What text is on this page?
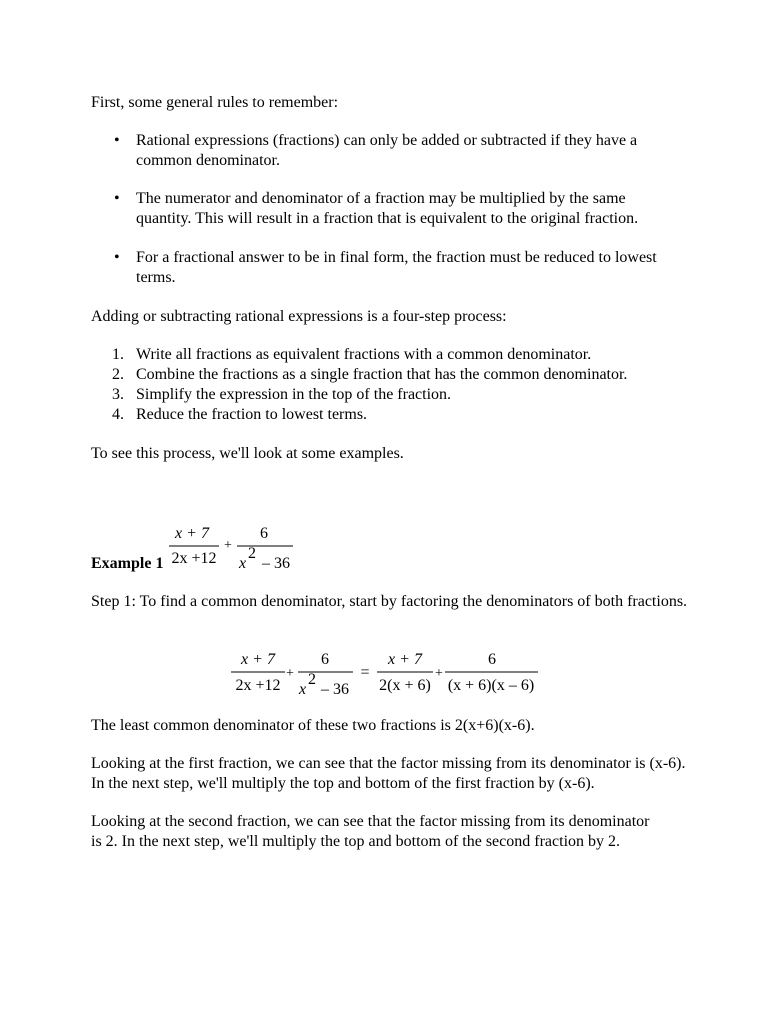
First, some general rules to remember:

• Rational expressions (fractions) can only be added or subtracted if they have a common denominator.
• The numerator and denominator of a fraction may be multiplied by the same quantity. This will result in a fraction that is equivalent to the original fraction.
• For a fractional answer to be in final form, the fraction must be reduced to lowest terms.

Adding or subtracting rational expressions is a four-step process:

1. Write all fractions as equivalent fractions with a common denominator.
2. Combine the fractions as a single fraction that has the common denominator.
3. Simplify the expression in the top of the fraction.
4. Reduce the fraction to lowest terms.

To see this process, we'll look at some examples.

Example 1
x + 7
2x +12
+
6
x
2
– 36

Step 1: To find a common denominator, start by factoring the denominators of both fractions.

x + 7
2x +12
+
6
x
2
– 36
=
x + 7
2(x + 6)
+
6
(x + 6)(x – 6)

The least common denominator of these two fractions is 2(x+6)(x-6).

Looking at the first fraction, we can see that the factor missing from its denominator is (x-6). In the next step, we'll multiply the top and bottom of the first fraction by (x-6).

Looking at the second fraction, we can see that the factor missing from its denominator is 2. In the next step, we'll multiply the top and bottom of the second fraction by 2.
